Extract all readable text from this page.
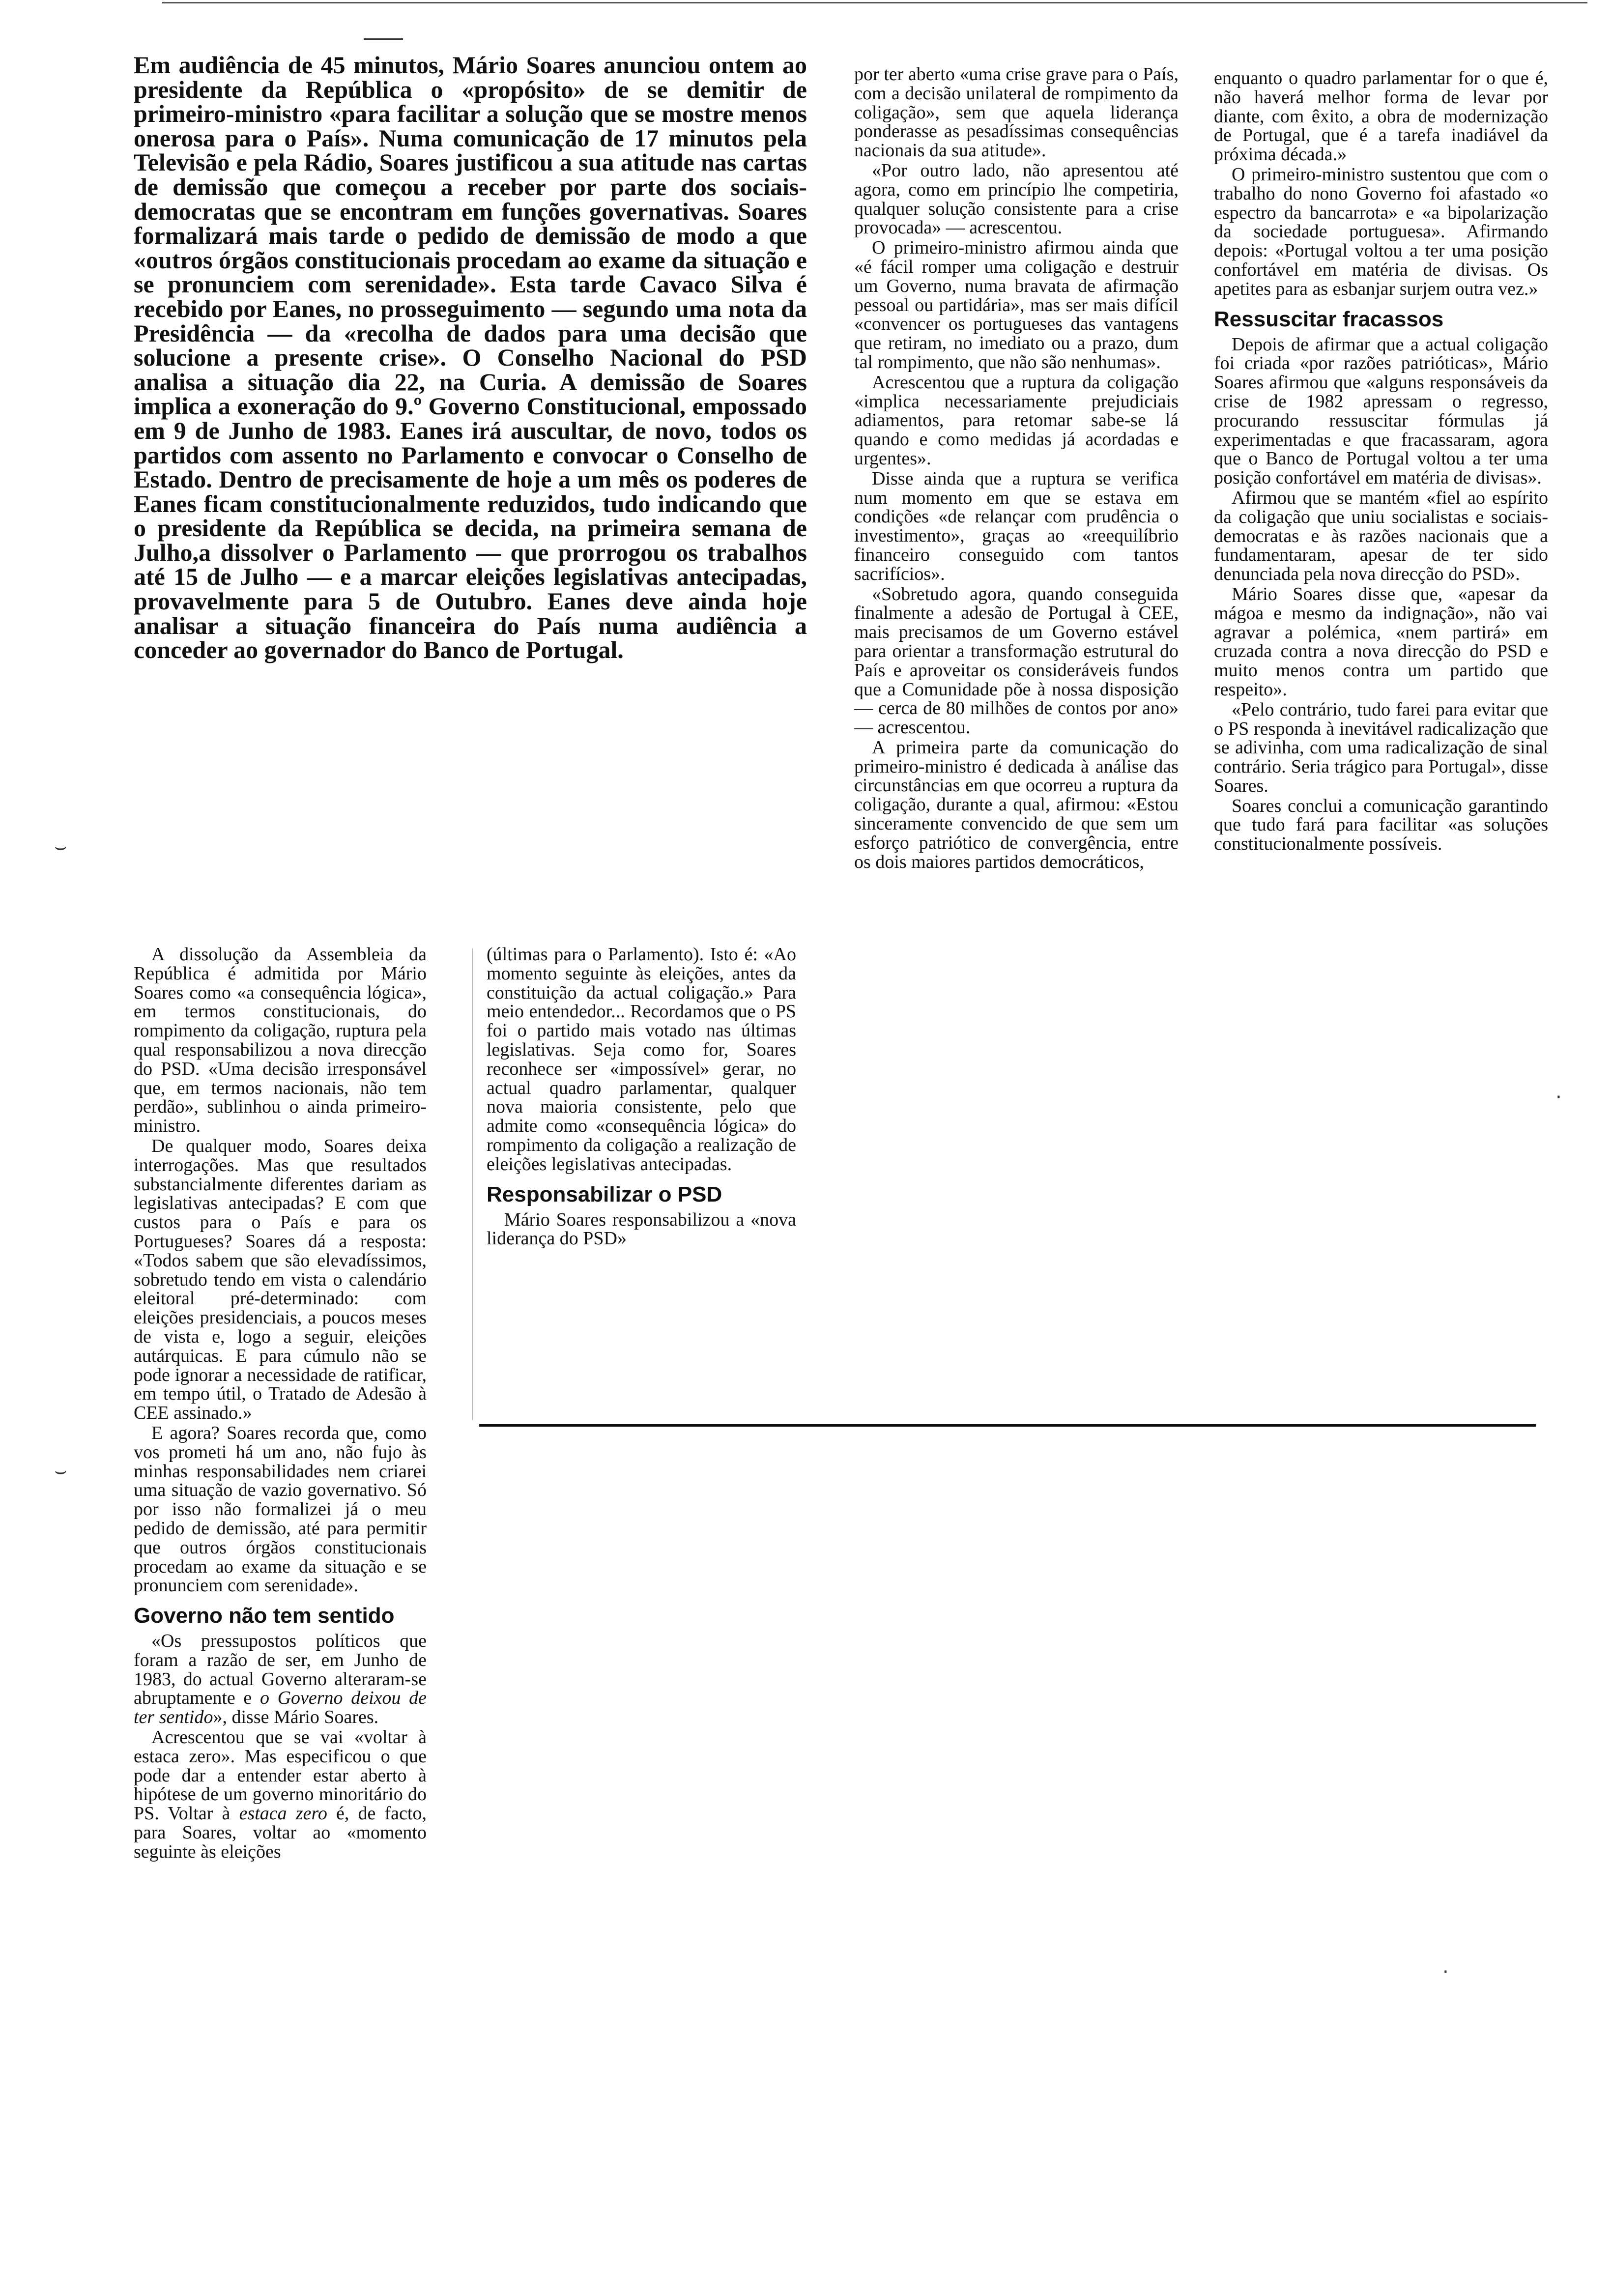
Em audiência de 45 minutos, Mário Soares anunciou ontem ao presidente da República o «propósito» de se demitir de primeiro-ministro «para facilitar a solução que se mostre menos onerosa para o País». Numa comunicação de 17 minutos pela Televisão e pela Rádio, Soares justificou a sua atitude nas cartas de demissão que começou a receber por parte dos sociais-democratas que se encontram em funções governativas. Soares formalizará mais tarde o pedido de demissão de modo a que «outros órgãos constitucionais procedam ao exame da situação e se pronunciem com serenidade». Esta tarde Cavaco Silva é recebido por Eanes, no prosseguimento — segundo uma nota da Presidência — da «recolha de dados para uma decisão que solucione a presente crise». O Conselho Nacional do PSD analisa a situação dia 22, na Curia. A demissão de Soares implica a exoneração do 9.º Governo Constitucional, empossado em 9 de Junho de 1983. Eanes irá auscultar, de novo, todos os partidos com assento no Parlamento e convocar o Conselho de Estado. Dentro de precisamente de hoje a um mês os poderes de Eanes ficam constitucionalmente reduzidos, tudo indicando que o presidente da República se decida, na primeira semana de Julho,a dissolver o Parlamento — que prorrogou os trabalhos até 15 de Julho — e a marcar eleições legislativas antecipadas, provavelmente para 5 de Outubro. Eanes deve ainda hoje analisar a situação financeira do País numa audiência a conceder ao governador do Banco de Portugal.

A dissolução da Assembleia da República é admitida por Mário Soares como «a consequência lógica», em termos constitucionais, do rompimento da coligação, ruptura pela qual responsabilizou a nova direcção do PSD. «Uma decisão irresponsável que, em termos nacionais, não tem perdão», sublinhou o ainda primeiro-ministro.

De qualquer modo, Soares deixa interrogações. Mas que resultados substancialmente diferentes dariam as legislativas antecipadas? E com que custos para o País e para os Portugueses? Soares dá a resposta: «Todos sabem que são elevadíssimos, sobretudo tendo em vista o calendário eleitoral pré-determinado: com eleições presidenciais, a poucos meses de vista e, logo a seguir, eleições autárquicas. E para cúmulo não se pode ignorar a necessidade de ratificar, em tempo útil, o Tratado de Adesão à CEE assinado.»

E agora? Soares recorda que, como vos prometi há um ano, não fujo às minhas responsabilidades nem criarei uma situação de vazio governativo. Só por isso não formalizei já o meu pedido de demissão, até para permitir que outros órgãos constitucionais procedam ao exame da situação e se pronunciem com serenidade».

Governo não tem sentido

«Os pressupostos políticos que foram a razão de ser, em Junho de 1983, do actual Governo alteraram-se abruptamente e o Governo deixou de ter sentido», disse Mário Soares.

Acrescentou que se vai «voltar à estaca zero». Mas especificou o que pode dar a entender estar aberto à hipótese de um governo minoritário do PS. Voltar à estaca zero é, de facto, para Soares, voltar ao «momento seguinte às eleições

(últimas para o Parlamento). Isto é: «Ao momento seguinte às eleições, antes da constituição da actual coligação.» Para meio entendedor... Recordamos que o PS foi o partido mais votado nas últimas legislativas. Seja como for, Soares reconhece ser «impossível» gerar, no actual quadro parlamentar, qualquer nova maioria consistente, pelo que admite como «consequência lógica» do rompimento da coligação a realização de eleições legislativas antecipadas.

Responsabilizar o PSD

Mário Soares responsabilizou a «nova liderança do PSD»

por ter aberto «uma crise grave para o País, com a decisão unilateral de rompimento da coligação», sem que aquela liderança ponderasse as pesadíssimas consequências nacionais da sua atitude».

«Por outro lado, não apresentou até agora, como em princípio lhe competiria, qualquer solução consistente para a crise provocada» — acrescentou.

O primeiro-ministro afirmou ainda que «é fácil romper uma coligação e destruir um Governo, numa bravata de afirmação pessoal ou partidária», mas ser mais difícil «convencer os portugueses das vantagens que retiram, no imediato ou a prazo, dum tal rompimento, que não são nenhumas».

Acrescentou que a ruptura da coligação «implica necessariamente prejudiciais adiamentos, para retomar sabe-se lá quando e como medidas já acordadas e urgentes».

Disse ainda que a ruptura se verifica num momento em que se estava em condições «de relançar com prudência o investimento», graças ao «reequilíbrio financeiro conseguido com tantos sacrifícios».

«Sobretudo agora, quando conseguida finalmente a adesão de Portugal à CEE, mais precisamos de um Governo estável para orientar a transformação estrutural do País e aproveitar os consideráveis fundos que a Comunidade põe à nossa disposição — cerca de 80 milhões de contos por ano» — acrescentou.

A primeira parte da comunicação do primeiro-ministro é dedicada à análise das circunstâncias em que ocorreu a ruptura da coligação, durante a qual, afirmou: «Estou sinceramente convencido de que sem um esforço patriótico de convergência, entre os dois maiores partidos democráticos,

enquanto o quadro parlamentar for o que é, não haverá melhor forma de levar por diante, com êxito, a obra de modernização de Portugal, que é a tarefa inadiável da próxima década.»

O primeiro-ministro sustentou que com o trabalho do nono Governo foi afastado «o espectro da bancarrota» e «a bipolarização da sociedade portuguesa». Afirmando depois: «Portugal voltou a ter uma posição confortável em matéria de divisas. Os apetites para as esbanjar surjem outra vez.»

Ressuscitar fracassos

Depois de afirmar que a actual coligação foi criada «por razões patrióticas», Mário Soares afirmou que «alguns responsáveis da crise de 1982 apressam o regresso, procurando ressuscitar fórmulas já experimentadas e que fracassaram, agora que o Banco de Portugal voltou a ter uma posição confortável em matéria de divisas».

Afirmou que se mantém «fiel ao espírito da coligação que uniu socialistas e sociais-democratas e às razões nacionais que a fundamentaram, apesar de ter sido denunciada pela nova direcção do PSD».

Mário Soares disse que, «apesar da mágoa e mesmo da indignação», não vai agravar a polémica, «nem partirá» em cruzada contra a nova direcção do PSD e muito menos contra um partido que respeito».

«Pelo contrário, tudo farei para evitar que o PS responda à inevitável radicalização que se adivinha, com uma radicalização de sinal contrário. Seria trágico para Portugal», disse Soares.

Soares conclui a comunicação garantindo que tudo fará para facilitar «as soluções constitucionalmente possíveis.

⌣
⌣
·
·
